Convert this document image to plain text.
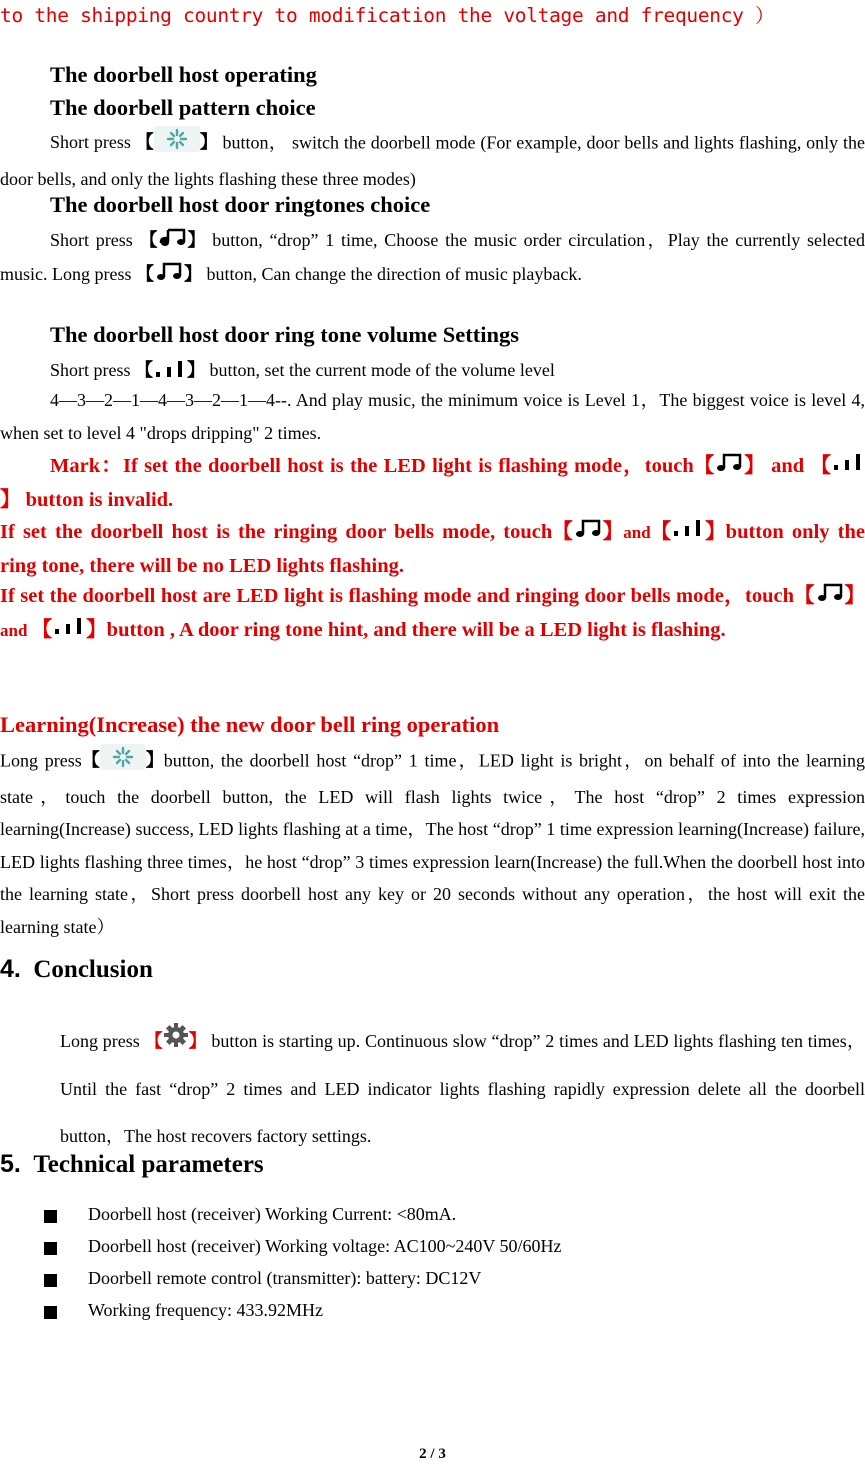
to the shipping country to modification the voltage and frequency ）
The doorbell host operating
The doorbell pattern choice
Short press 【	】 button， switch the doorbell mode (For example, door bells and lights flashing, only the door bells, and only the lights flashing these three modes)
The doorbell host door ringtones choice
Short press 【 】 button, “drop” 1 time, Choose the music order circulation，Play the currently selected music. Long press 【 】 button, Can change the direction of music playback.
The doorbell host door ring tone volume Settings
Short press 【 】 button, set the current mode of the volume level
4—3—2—1—4—3—2—1—4--. And play music, the minimum voice is Level 1，The biggest voice is level 4, when set to level 4 "drops dripping" 2 times.
Mark：If set the doorbell host is the LED light is flashing mode，touch【 】 and 【】 button is invalid.
If set the doorbell host is the ringing door bells mode, touch【 】and【 】button only the ring tone, there will be no LED lights flashing.
If set the doorbell host are LED light is flashing mode and ringing door bells mode，touch【 】 and 【 】button , A door ring tone hint, and there will be a LED light is flashing.
Learning(Increase) the new door bell ring operation
Long press【	】button, the doorbell host “drop” 1 time，LED light is bright，on behalf of into the learning state，touch the doorbell button, the LED will flash lights twice，The host “drop” 2 times expression learning(Increase) success, LED lights flashing at a time，The host “drop” 1 time expression learning(Increase) failure, LED lights flashing three times，he host “drop” 3 times expression learn(Increase) the full.When the doorbell host into the learning state，Short press doorbell host any key or 20 seconds without any operation，the host will exit the learning state）
4. Conclusion
Long press 【 】 button is starting up. Continuous slow “drop” 2 times and LED lights flashing ten times，Until the fast “drop” 2 times and LED indicator lights flashing rapidly expression delete all the doorbell button，The host recovers factory settings.
5. Technical parameters
Doorbell host (receiver) Working Current: <80mA.
Doorbell host (receiver) Working voltage: AC100~240V 50/60Hz
Doorbell remote control (transmitter): battery: DC12V
Working frequency: 433.92MHz
2 / 3
